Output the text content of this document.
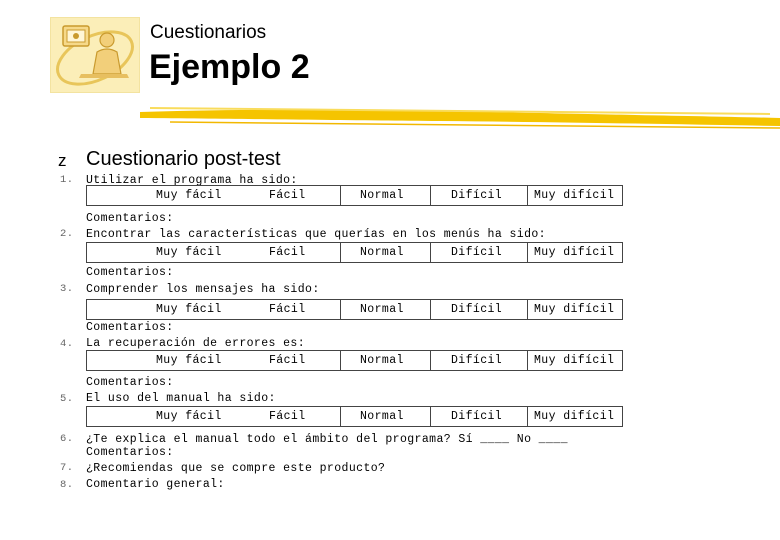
Cuestionarios
Ejemplo 2
z Cuestionario post-test
1. Utilizar el programa ha sido:
Muy fácil	Fácil	Normal	Difícil	Muy difícil
Comentarios:
2. Encontrar las características que querías en los menús ha sido:
Muy fácil	Fácil	Normal	Difícil	Muy difícil
Comentarios:
3. Comprender los mensajes ha sido:
Muy fácil	Fácil	Normal	Difícil	Muy difícil
Comentarios:
4. La recuperación de errores es:
Muy fácil	Fácil	Normal	Difícil	Muy difícil
Comentarios:
5. El uso del manual ha sido:
Muy fácil	Fácil	Normal	Difícil	Muy difícil
6. ¿Te explica el manual todo el ámbito del programa? Sí ____ No ____
Comentarios:
7. ¿Recomiendas que se compre este producto?
8. Comentario general:
